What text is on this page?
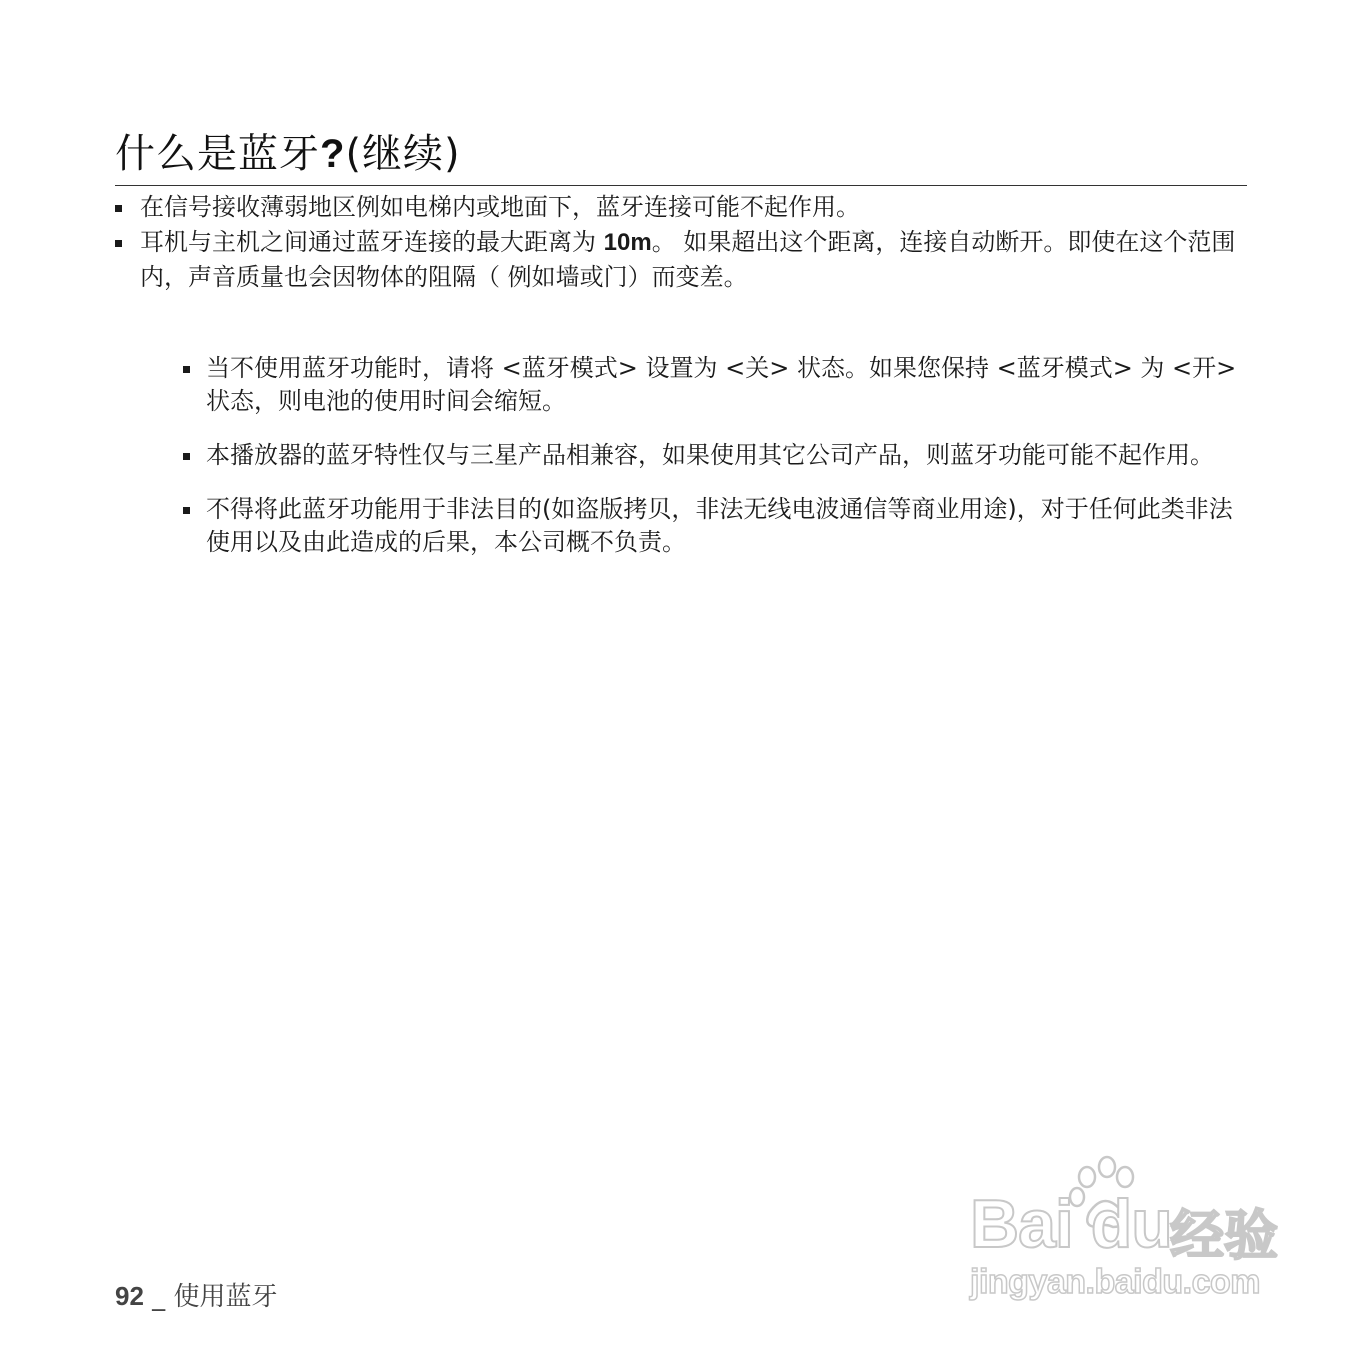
什么是蓝牙?(继续)
在信号接收薄弱地区例如电梯内或地面下，蓝牙连接可能不起作用。
耳机与主机之间通过蓝牙连接的最大距离为 10m。 如果超出这个距离，连接自动断开。即使在这个范围内，声音质量也会因物体的阻隔（ 例如墙或门）而变差。
当不使用蓝牙功能时，请将 <蓝牙模式> 设置为 <关> 状态。如果您保持 <蓝牙模式> 为 <开> 状态，则电池的使用时间会缩短。
本播放器的蓝牙特性仅与三星产品相兼容，如果使用其它公司产品，则蓝牙功能可能不起作用。
不得将此蓝牙功能用于非法目的(如盗版拷贝，非法无线电波通信等商业用途)，对于任何此类非法使用以及由此造成的后果，本公司概不负责。
92 _ 使用蓝牙
Bai du
经验
jingyan.baidu.com
